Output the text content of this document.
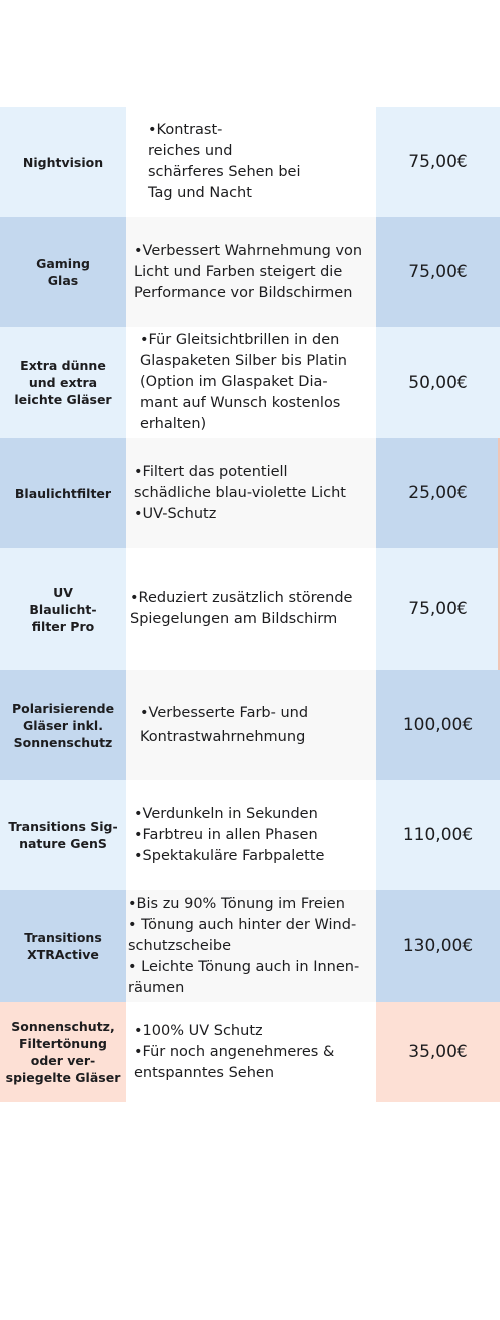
Nightvision
•Kontrast-
reiches und
schärferes Sehen bei
Tag und Nacht
75,00€
Gaming
Glas
•Verbessert Wahrnehmung von
Licht und Farben steigert die
Performance vor Bildschirmen
75,00€
Extra dünne
und extra
leichte Gläser
•Für Gleitsichtbrillen in den
Glaspaketen Silber bis Platin
(Option im Glaspaket Dia-
mant auf Wunsch kostenlos
erhalten)
50,00€
Blaulichtfilter
•Filtert das potentiell
schädliche blau-violette Licht
•UV-Schutz
25,00€
UV
Blaulicht-
filter Pro
•Reduziert zusätzlich störende
Spiegelungen am Bildschirm	75,00€
Polarisierende
Gläser inkl.
Sonnenschutz
•Verbesserte Farb- und
Kontrastwahrnehmung
100,00€
Transitions Sig-
nature GenS
•Verdunkeln in Sekunden
•Farbtreu in allen Phasen
•Spektakuläre Farbpalette
110,00€
Transitions
XTRActive
•Bis zu 90% Tönung im Freien
• Tönung auch hinter der Wind-
schutzscheibe
• Leichte Tönung auch in Innen-
räumen
130,00€
Sonnenschutz,
Filtertönung
oder ver-
spiegelte Gläser
•100% UV Schutz
•Für noch angenehmeres &
entspanntes Sehen
35,00€
